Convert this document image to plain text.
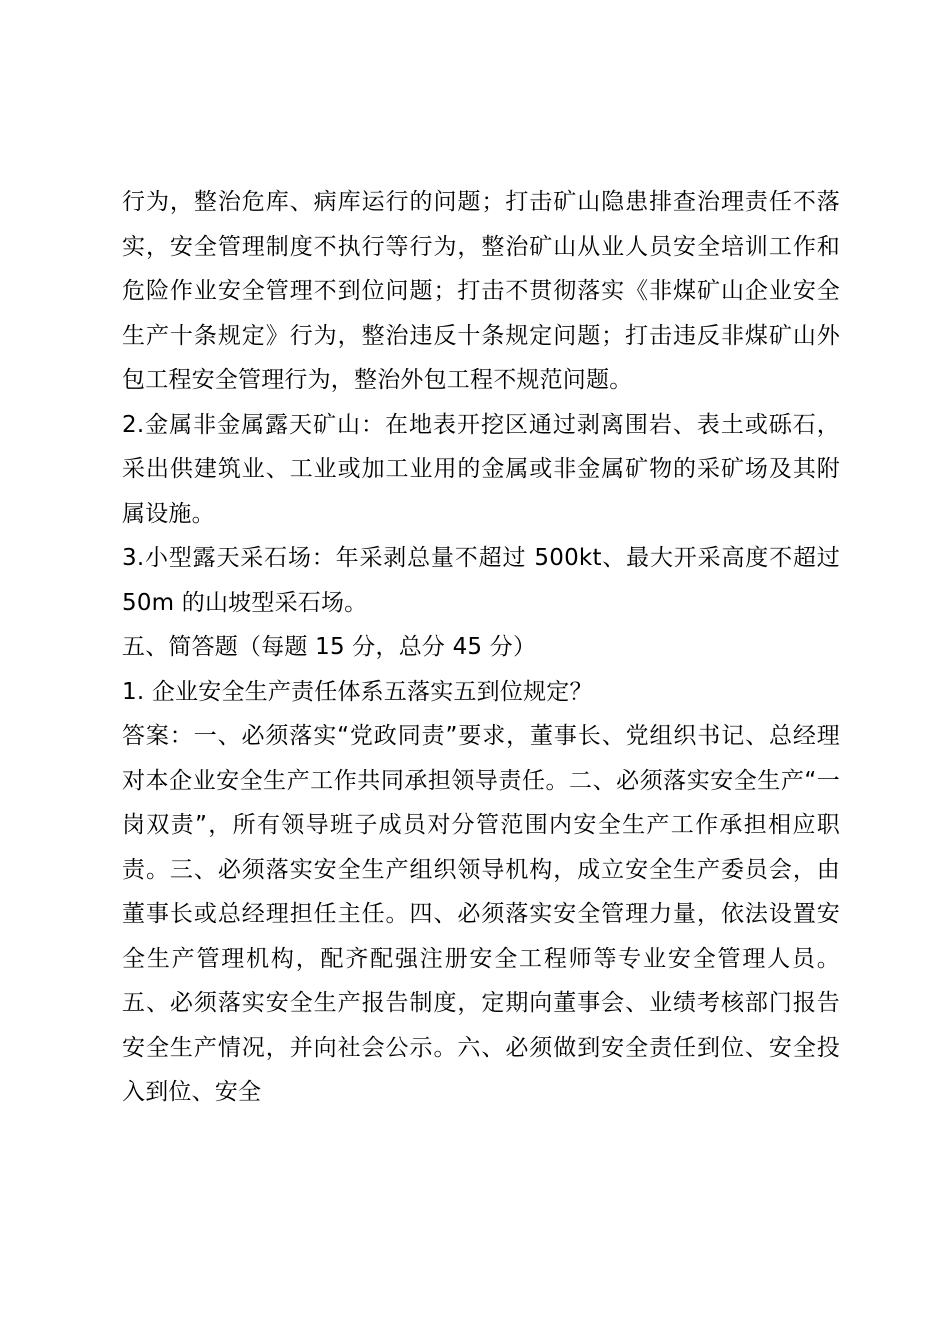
行为，整治危库、病库运行的问题；打击矿山隐患排查治理责任不落实，安全管理制度不执行等行为，整治矿山从业人员安全培训工作和危险作业安全管理不到位问题；打击不贯彻落实《非煤矿山企业安全生产十条规定》行为，整治违反十条规定问题；打击违反非煤矿山外包工程安全管理行为，整治外包工程不规范问题。

2.金属非金属露天矿山：在地表开挖区通过剥离围岩、表土或砾石，采出供建筑业、工业或加工业用的金属或非金属矿物的采矿场及其附属设施。

3.小型露天采石场：年采剥总量不超过 500kt、最大开采高度不超过 50m 的山坡型采石场。

五、简答题（每题 15 分，总分 45 分）

1. 企业安全生产责任体系五落实五到位规定？

答案：一、必须落实“党政同责”要求，董事长、党组织书记、总经理对本企业安全生产工作共同承担领导责任。二、必须落实安全生产“一岗双责”，所有领导班子成员对分管范围内安全生产工作承担相应职责。三、必须落实安全生产组织领导机构，成立安全生产委员会，由董事长或总经理担任主任。四、必须落实安全管理力量，依法设置安全生产管理机构，配齐配强注册安全工程师等专业安全管理人员。五、必须落实安全生产报告制度，定期向董事会、业绩考核部门报告安全生产情况，并向社会公示。六、必须做到安全责任到位、安全投入到位、安全
